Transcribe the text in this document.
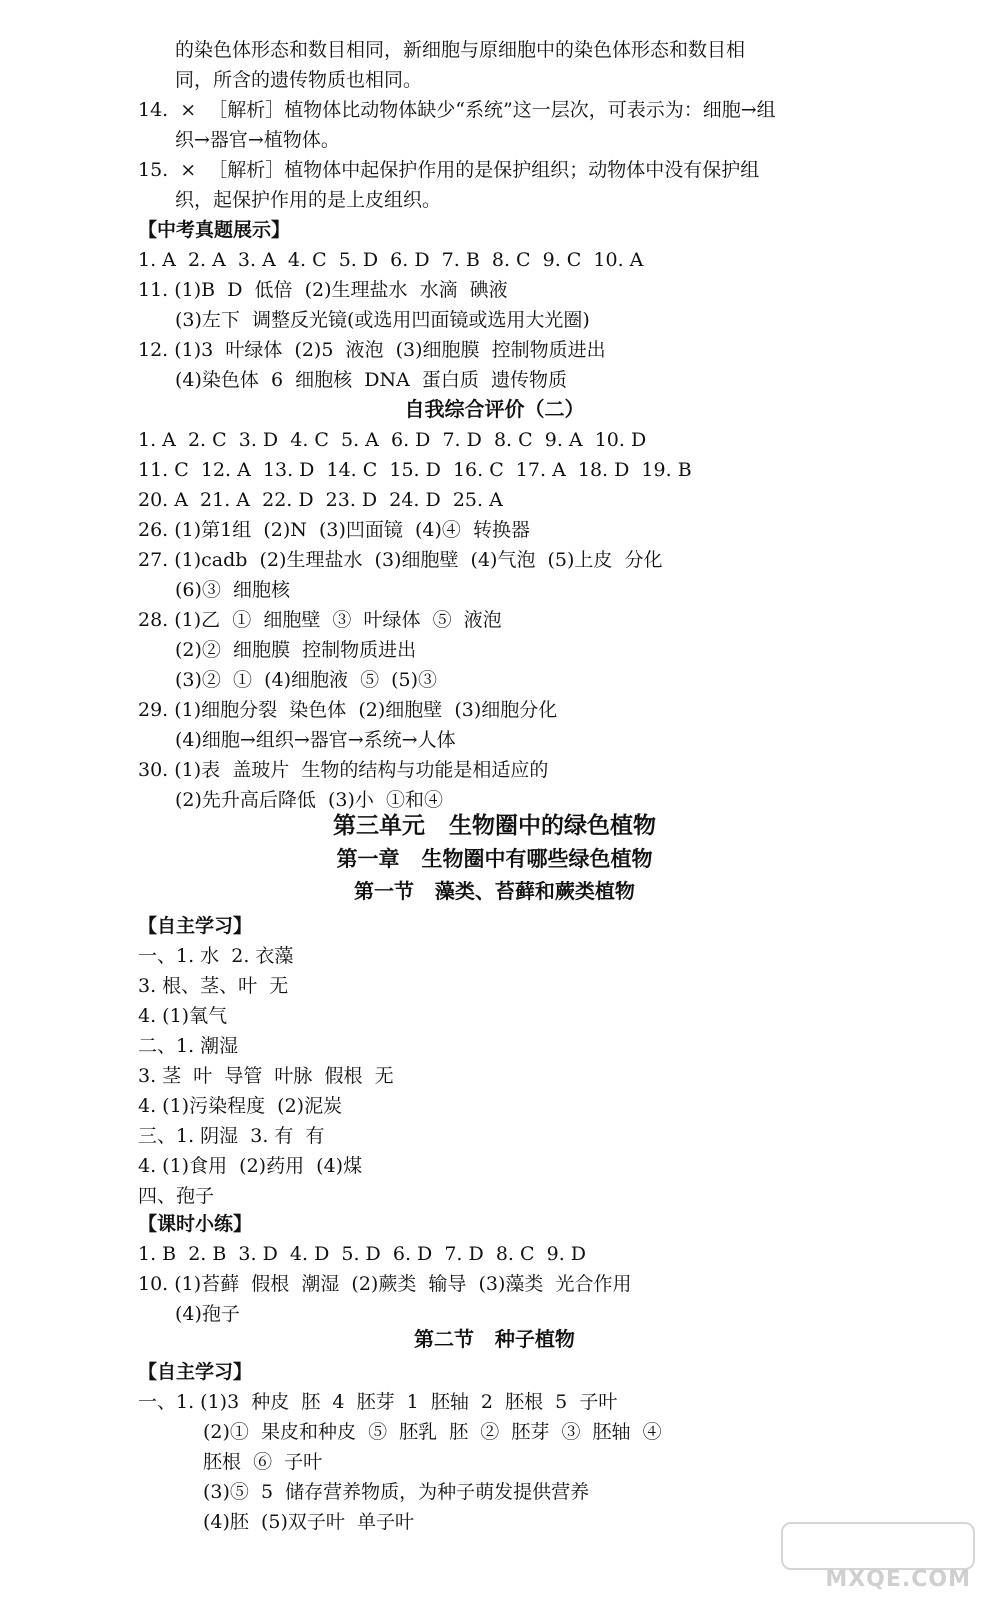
的染色体形态和数目相同，新细胞与原细胞中的染色体形态和数目相
同，所含的遗传物质也相同。
14.  ×  ［解析］植物体比动物体缺少“系统”这一层次，可表示为：细胞→组
织→器官→植物体。
15.  ×  ［解析］植物体中起保护作用的是保护组织；动物体中没有保护组
织，起保护作用的是上皮组织。
1. A  2. A  3. A  4. C  5. D  6. D  7. B  8. C  9. C  10. A
11. (1)B  D  低倍  (2)生理盐水  水滴  碘液
(3)左下  调整反光镜(或选用凹面镜或选用大光圈)
12. (1)3  叶绿体  (2)5  液泡  (3)细胞膜  控制物质进出
(4)染色体  6  细胞核  DNA  蛋白质  遗传物质
1. A  2. C  3. D  4. C  5. A  6. D  7. D  8. C  9. A  10. D
11. C  12. A  13. D  14. C  15. D  16. C  17. A  18. D  19. B
20. A  21. A  22. D  23. D  24. D  25. A
26. (1)第1组  (2)N  (3)凹面镜  (4)④  转换器
27. (1)cadb  (2)生理盐水  (3)细胞壁  (4)气泡  (5)上皮  分化
(6)③  细胞核
28. (1)乙  ①  细胞壁  ③  叶绿体  ⑤  液泡
(2)②  细胞膜  控制物质进出
(3)②  ①  (4)细胞液  ⑤  (5)③
29. (1)细胞分裂  染色体  (2)细胞壁  (3)细胞分化
(4)细胞→组织→器官→系统→人体
30. (1)表  盖玻片  生物的结构与功能是相适应的
(2)先升高后降低  (3)小  ①和④
一、1. 水  2. 衣藻
3. 根、茎、叶  无
4. (1)氧气
二、1. 潮湿
3. 茎  叶  导管  叶脉  假根  无
4. (1)污染程度  (2)泥炭
三、1. 阴湿  3. 有  有
4. (1)食用  (2)药用  (4)煤
四、孢子
1. B  2. B  3. D  4. D  5. D  6. D  7. D  8. C  9. D
10. (1)苔藓  假根  潮湿  (2)蕨类  输导  (3)藻类  光合作用
(4)孢子
一、1. (1)3  种皮  胚  4  胚芽  1  胚轴  2  胚根  5  子叶
(2)①  果皮和种皮  ⑤  胚乳  胚  ②  胚芽  ③  胚轴  ④
胚根  ⑥  子叶
(3)⑤  5  储存营养物质，为种子萌发提供营养
(4)胚  (5)双子叶  单子叶
【中考真题展示】
【自主学习】
【课时小练】
【自主学习】
自我综合评价（二）
第三单元   生物圈中的绿色植物
第一章   生物圈中有哪些绿色植物
第一节   藻类、苔藓和蕨类植物
第二节   种子植物
MXQE.COM
